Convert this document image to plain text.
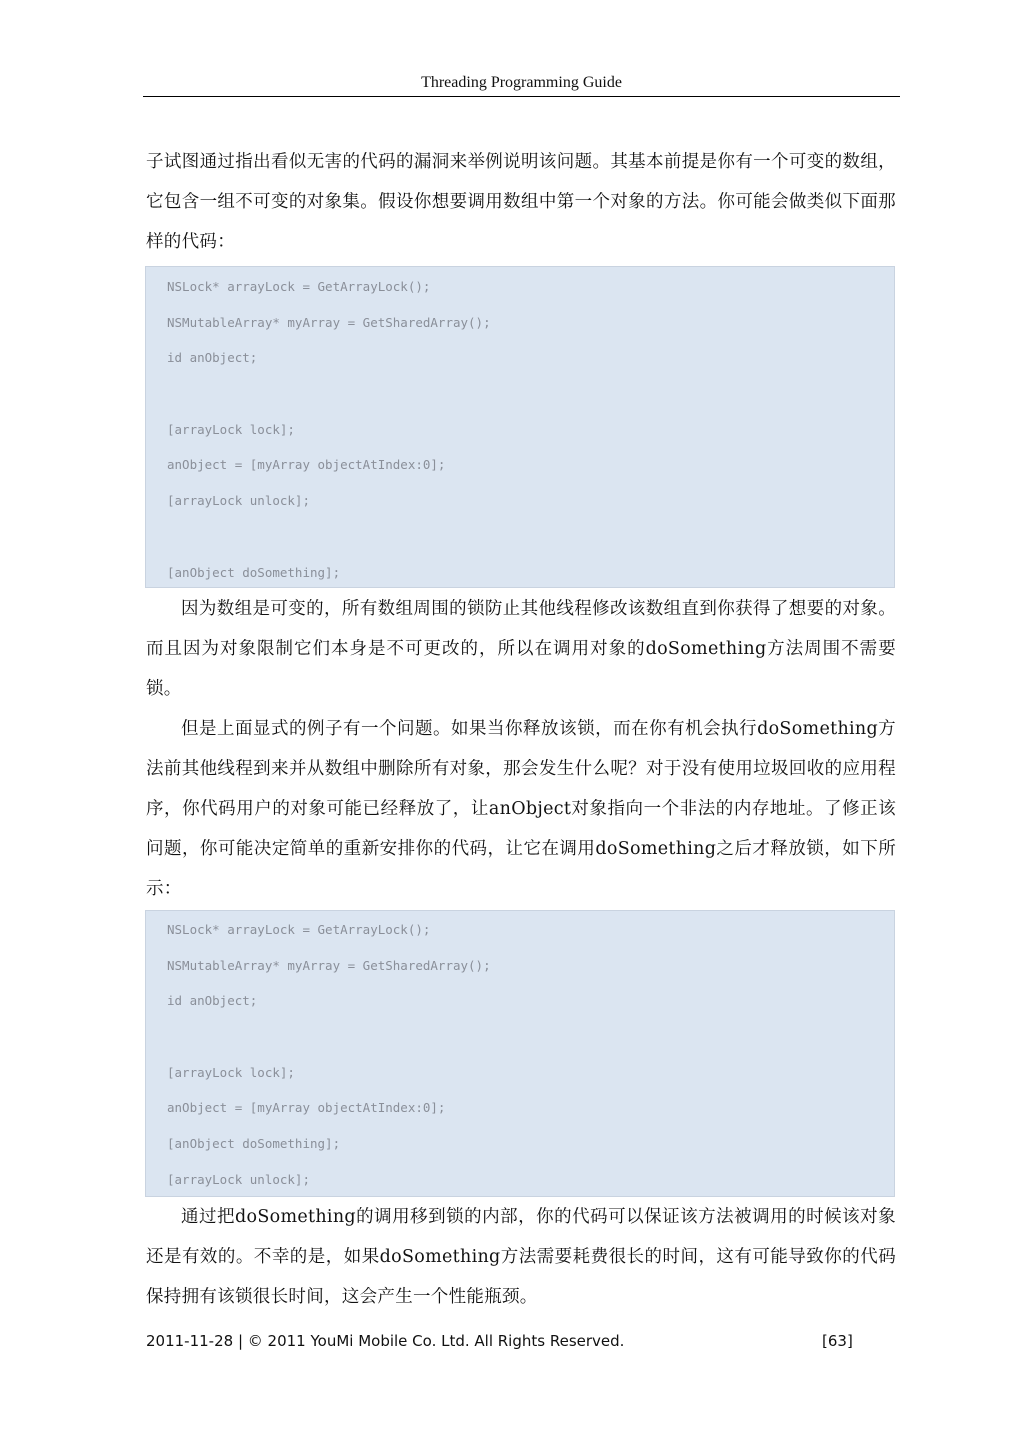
Threading Programming Guide

子试图通过指出看似无害的代码的漏洞来举例说明该问题。其基本前提是你有一个可变的数组，它包含一组不可变的对象集。假设你想要调用数组中第一个对象的方法。你可能会做类似下面那样的代码：

NSLock* arrayLock = GetArrayLock();
NSMutableArray* myArray = GetSharedArray();
id anObject;
[arrayLock lock];
anObject = [myArray objectAtIndex:0];
[arrayLock unlock];
[anObject doSomething];

因为数组是可变的，所有数组周围的锁防止其他线程修改该数组直到你获得了想要的对象。而且因为对象限制它们本身是不可更改的，所以在调用对象的doSomething方法周围不需要锁。

但是上面显式的例子有一个问题。如果当你释放该锁，而在你有机会执行doSomething方法前其他线程到来并从数组中删除所有对象，那会发生什么呢？对于没有使用垃圾回收的应用程序，你代码用户的对象可能已经释放了，让anObject对象指向一个非法的内存地址。了修正该问题，你可能决定简单的重新安排你的代码，让它在调用doSomething之后才释放锁，如下所示：

NSLock* arrayLock = GetArrayLock();
NSMutableArray* myArray = GetSharedArray();
id anObject;
[arrayLock lock];
anObject = [myArray objectAtIndex:0];
[anObject doSomething];
[arrayLock unlock];

通过把doSomething的调用移到锁的内部，你的代码可以保证该方法被调用的时候该对象还是有效的。不幸的是，如果doSomething方法需要耗费很长的时间，这有可能导致你的代码保持拥有该锁很长时间，这会产生一个性能瓶颈。

2011-11-28 | © 2011 YouMi Mobile Co. Ltd. All Rights Reserved.	[63]
